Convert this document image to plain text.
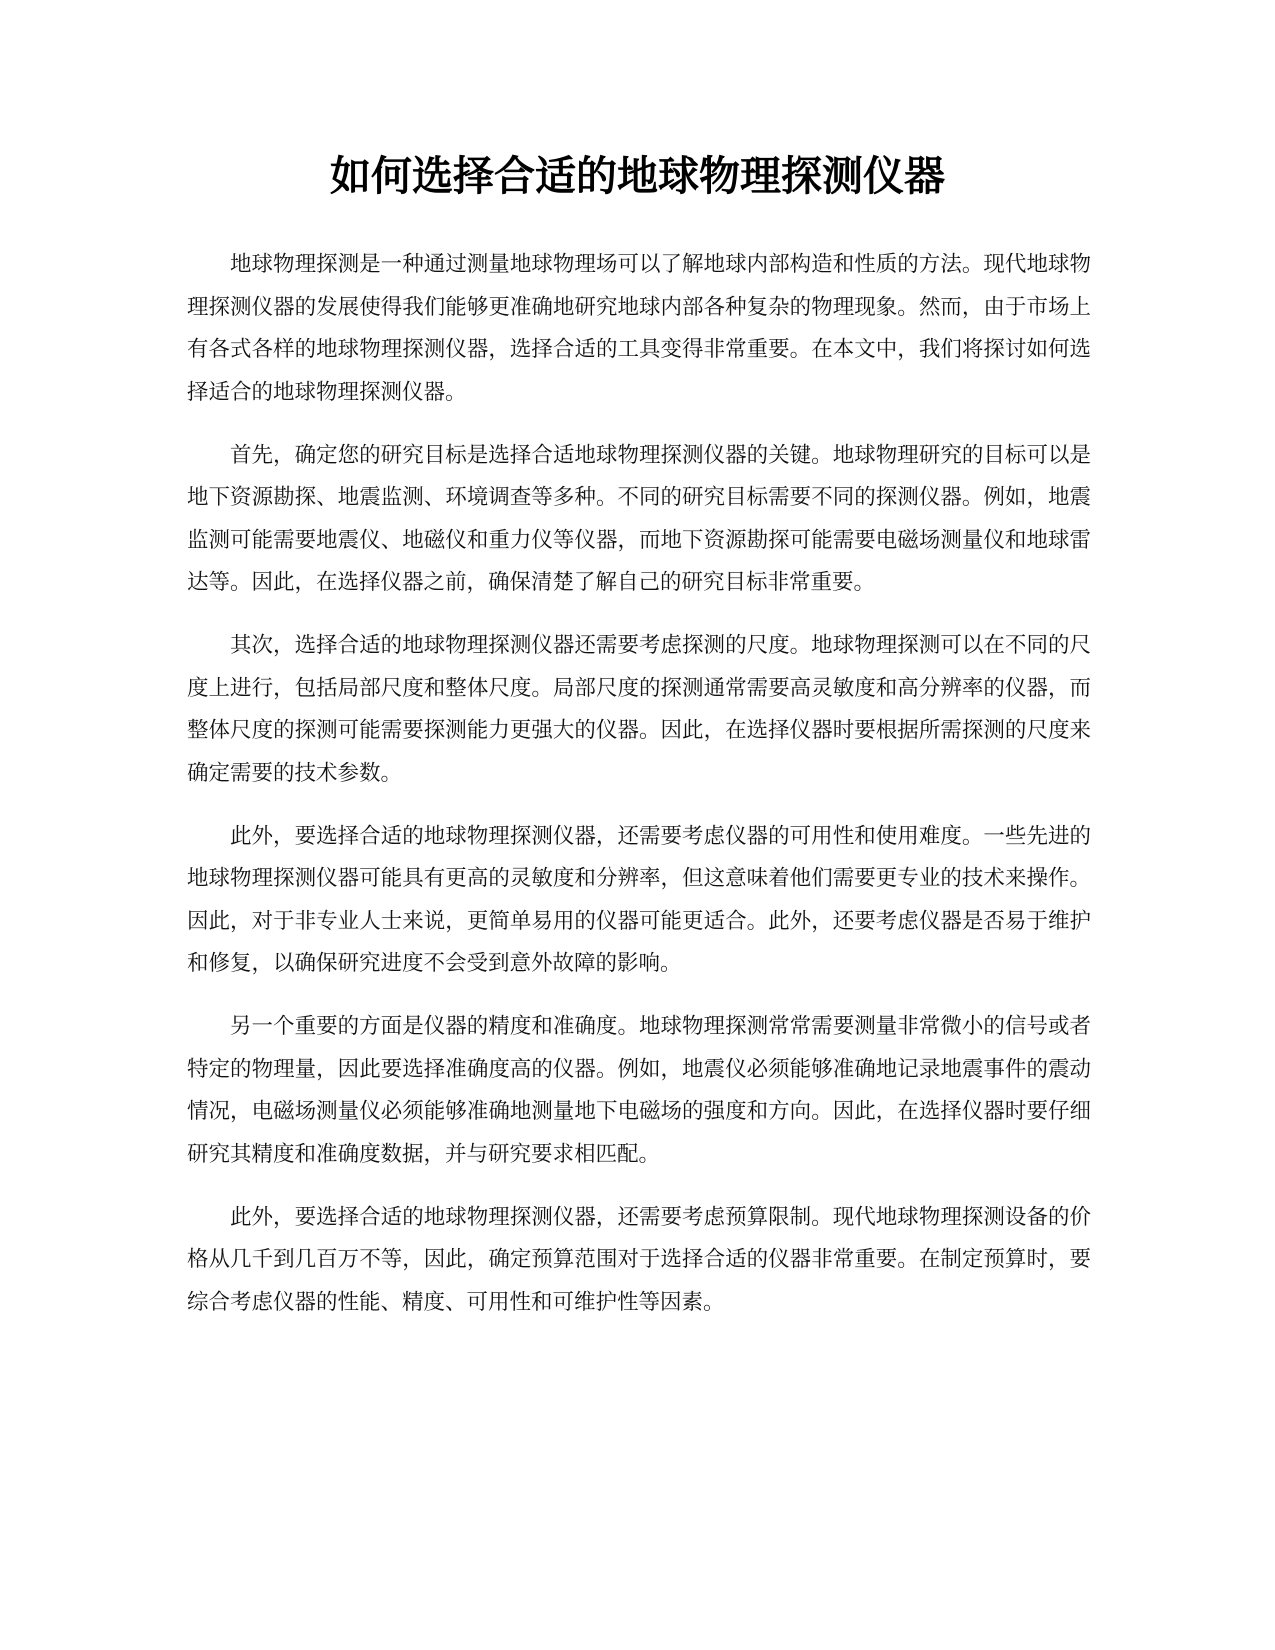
如何选择合适的地球物理探测仪器

地球物理探测是一种通过测量地球物理场可以了解地球内部构造和性质的方法。现代地球物理探测仪器的发展使得我们能够更准确地研究地球内部各种复杂的物理现象。然而，由于市场上有各式各样的地球物理探测仪器，选择合适的工具变得非常重要。在本文中，我们将探讨如何选择适合的地球物理探测仪器。

首先，确定您的研究目标是选择合适地球物理探测仪器的关键。地球物理研究的目标可以是地下资源勘探、地震监测、环境调查等多种。不同的研究目标需要不同的探测仪器。例如，地震监测可能需要地震仪、地磁仪和重力仪等仪器，而地下资源勘探可能需要电磁场测量仪和地球雷达等。因此，在选择仪器之前，确保清楚了解自己的研究目标非常重要。

其次，选择合适的地球物理探测仪器还需要考虑探测的尺度。地球物理探测可以在不同的尺度上进行，包括局部尺度和整体尺度。局部尺度的探测通常需要高灵敏度和高分辨率的仪器，而整体尺度的探测可能需要探测能力更强大的仪器。因此，在选择仪器时要根据所需探测的尺度来确定需要的技术参数。

此外，要选择合适的地球物理探测仪器，还需要考虑仪器的可用性和使用难度。一些先进的地球物理探测仪器可能具有更高的灵敏度和分辨率，但这意味着他们需要更专业的技术来操作。因此，对于非专业人士来说，更简单易用的仪器可能更适合。此外，还要考虑仪器是否易于维护和修复，以确保研究进度不会受到意外故障的影响。

另一个重要的方面是仪器的精度和准确度。地球物理探测常常需要测量非常微小的信号或者特定的物理量，因此要选择准确度高的仪器。例如，地震仪必须能够准确地记录地震事件的震动情况，电磁场测量仪必须能够准确地测量地下电磁场的强度和方向。因此，在选择仪器时要仔细研究其精度和准确度数据，并与研究要求相匹配。

此外，要选择合适的地球物理探测仪器，还需要考虑预算限制。现代地球物理探测设备的价格从几千到几百万不等，因此，确定预算范围对于选择合适的仪器非常重要。在制定预算时，要综合考虑仪器的性能、精度、可用性和可维护性等因素。
